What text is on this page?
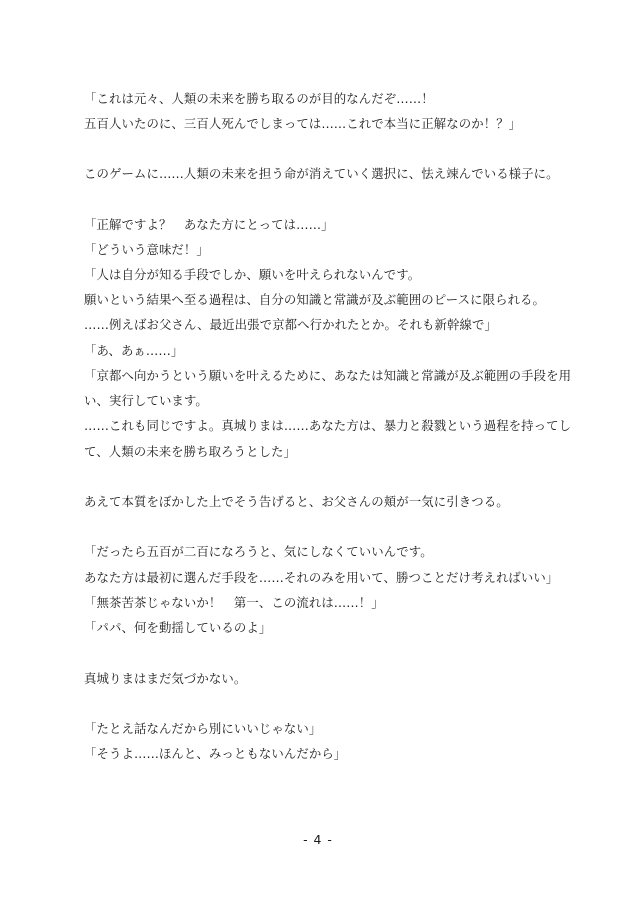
「これは元々、人類の未来を勝ち取るのが目的なんだぞ……！
五百人いたのに、三百人死んでしまっては……これで本当に正解なのか！？」
このゲームに……人類の未来を担う命が消えていく選択に、怯え竦んでいる様子に。
「正解ですよ？　あなた方にとっては……」
「どういう意味だ！」
「人は自分が知る手段でしか、願いを叶えられないんです。
願いという結果へ至る過程は、自分の知識と常識が及ぶ範囲のピースに限られる。
……例えばお父さん、最近出張で京都へ行かれたとか。それも新幹線で」
「あ、あぁ……」
「京都へ向かうという願いを叶えるために、あなたは知識と常識が及ぶ範囲の手段を用
い、実行しています。
……これも同じですよ。真城りまは……あなた方は、暴力と殺戮という過程を持ってし
て、人類の未来を勝ち取ろうとした」
あえて本質をぼかした上でそう告げると、お父さんの頬が一気に引きつる。
「だったら五百が二百になろうと、気にしなくていいんです。
あなた方は最初に選んだ手段を……それのみを用いて、勝つことだけ考えればいい」
「無茶苦茶じゃないか！　第一、この流れは……！」
「パパ、何を動揺しているのよ」
真城りまはまだ気づかない。
「たとえ話なんだから別にいいじゃない」
「そうよ……ほんと、みっともないんだから」
- 4 -
